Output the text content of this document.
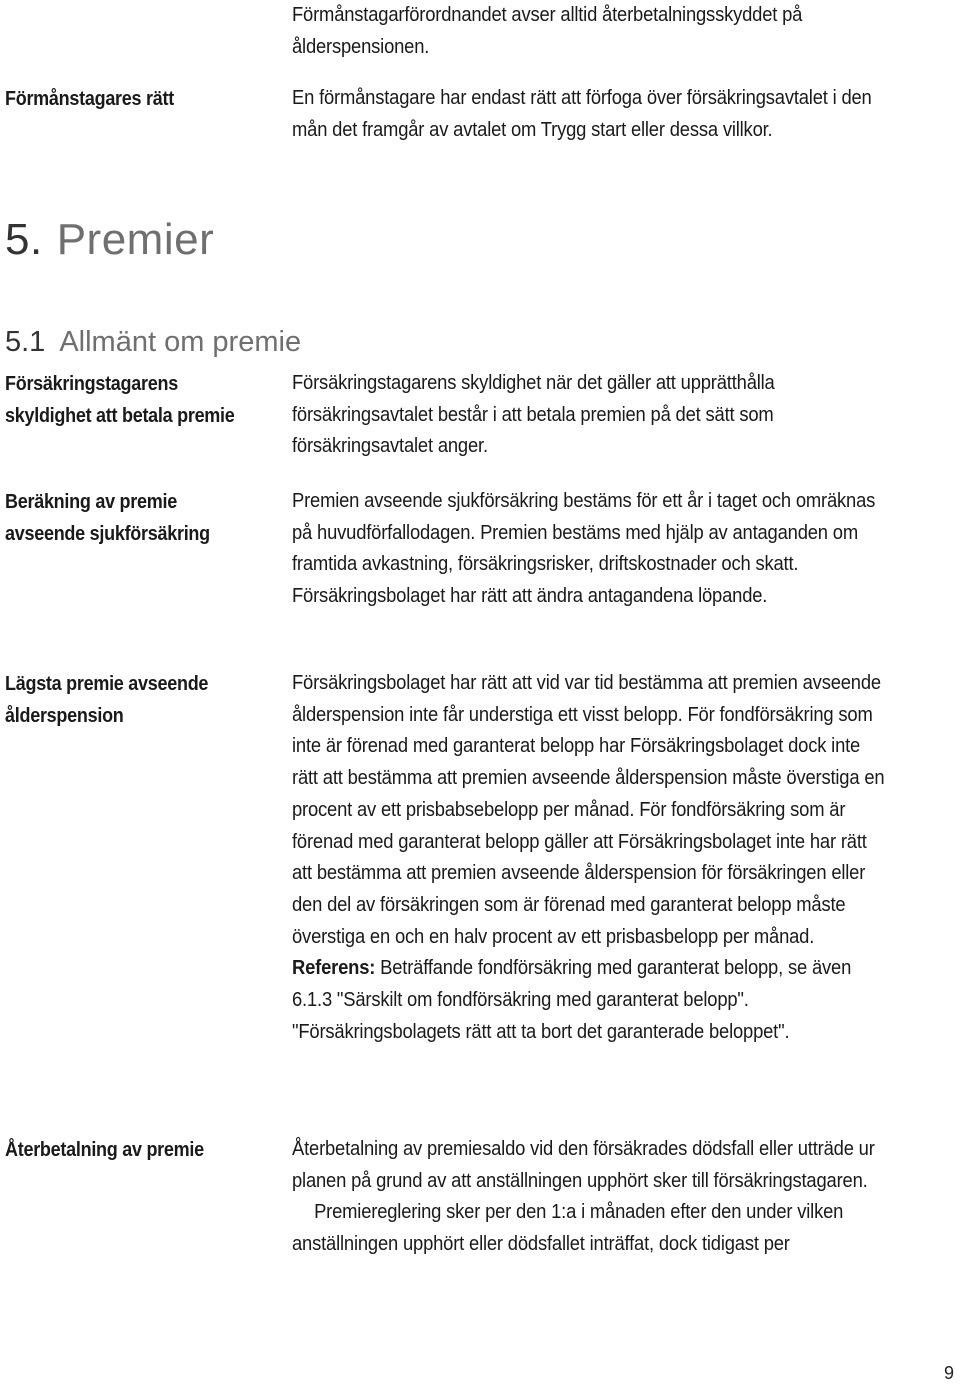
Förmånstagarförordnandet avser alltid återbetalningsskyddet på ålderspensionen.

Förmånstagares rätt	En förmånstagare har endast rätt att förfoga över försäkringsavtalet i den mån det framgår av avtalet om Trygg start eller dessa villkor.

5. Premier
5.1 Allmänt om premie
Försäkringstagarens skyldighet att betala premie

Försäkringstagarens skyldighet när det gäller att upprätthålla försäkringsavtalet består i att betala premien på det sätt som försäkringsavtalet anger.

Beräkning av premie avseende sjukförsäkring

Premien avseende sjukförsäkring bestäms för ett år i taget och omräknas på huvudförfallodagen. Premien bestäms med hjälp av antaganden om framtida avkastning, försäkringsrisker, driftskostnader och skatt. Försäkringsbolaget har rätt att ändra antagandena löpande.

Lägsta premie avseende ålderspension

Försäkringsbolaget har rätt att vid var tid bestämma att premien avseende ålderspension inte får understiga ett visst belopp. För fondförsäkring som inte är förenad med garanterat belopp har Försäkringsbolaget dock inte rätt att bestämma att premien avseende ålderspension måste överstiga en procent av ett prisbabsebelopp per månad. För fondförsäkring som är förenad med garanterat belopp gäller att Försäkringsbolaget inte har rätt att bestämma att premien avseende ålderspension för försäkringen eller den del av försäkringen som är förenad med garanterat belopp måste överstiga en och en halv procent av ett prisbasbelopp per månad. Referens: Beträffande fondförsäkring med garanterat belopp, se även 6.1.3 "Särskilt om fondförsäkring med garanterat belopp". "Försäkringsbolagets rätt att ta bort det garanterade beloppet".

Återbetalning av premie	Återbetalning av premiesaldo vid den försäkrades dödsfall eller utträde ur planen på grund av att anställningen upphört sker till försäkringstagaren.

Premiereglering sker per den 1:a i månaden efter den under vilken anställningen upphört eller dödsfallet inträffat, dock tidigast per

9
